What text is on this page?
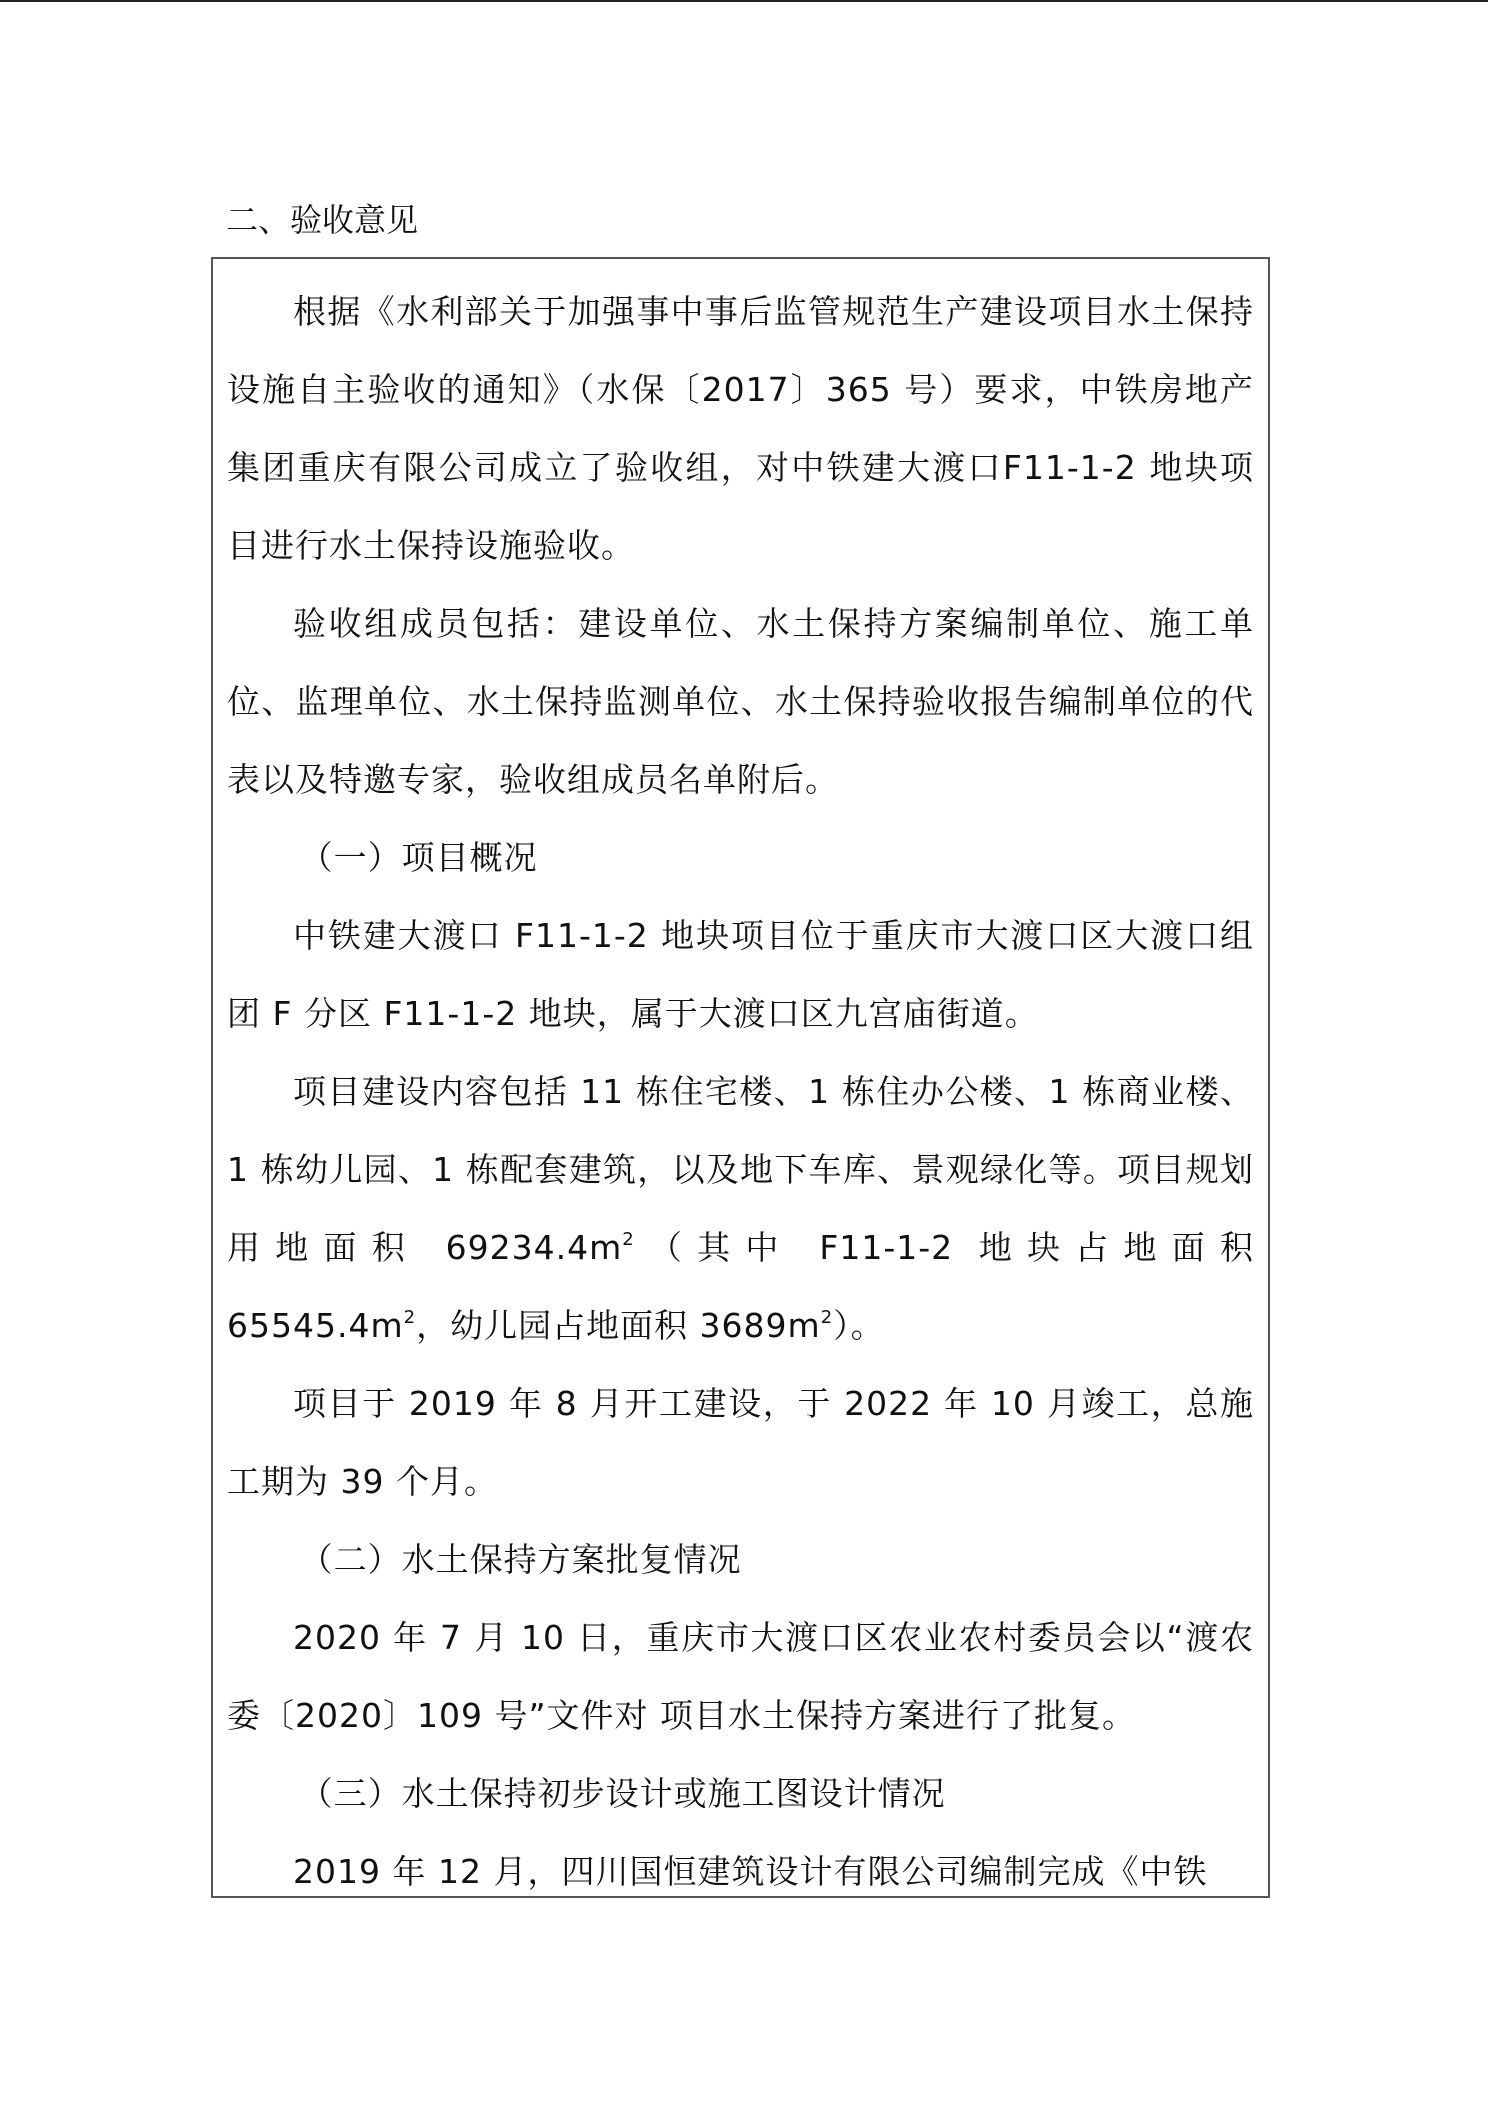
二、验收意见

根据《水利部关于加强事中事后监管规范生产建设项目水土保持设施自主验收的通知》（水保〔2017〕365 号）要求，中铁房地产集团重庆有限公司成立了验收组，对中铁建大渡口F11-1-2 地块项目进行水土保持设施验收。

验收组成员包括：建设单位、水土保持方案编制单位、施工单位、监理单位、水土保持监测单位、水土保持验收报告编制单位的代表以及特邀专家，验收组成员名单附后。

（一）项目概况

中铁建大渡口 F11-1-2 地块项目位于重庆市大渡口区大渡口组团 F 分区 F11-1-2 地块，属于大渡口区九宫庙街道。

项目建设内容包括 11 栋住宅楼、1 栋住办公楼、1 栋商业楼、1 栋幼儿园、1 栋配套建筑，以及地下车库、景观绿化等。项目规划用地面积 $69234.4m^2$（其中 F11-1-2 地块占地面积 $65545.4m^2$，幼儿园占地面积 $3689m^2$）。

项目于 2019 年 8 月开工建设，于 2022 年 10 月竣工，总施工期为 39 个月。

（二）水土保持方案批复情况

2020 年 7 月 10 日，重庆市大渡口区农业农村委员会以“渡农委〔2020〕109 号”文件对 项目水土保持方案进行了批复。

（三）水土保持初步设计或施工图设计情况

2019 年 12 月，四川国恒建筑设计有限公司编制完成《中铁
